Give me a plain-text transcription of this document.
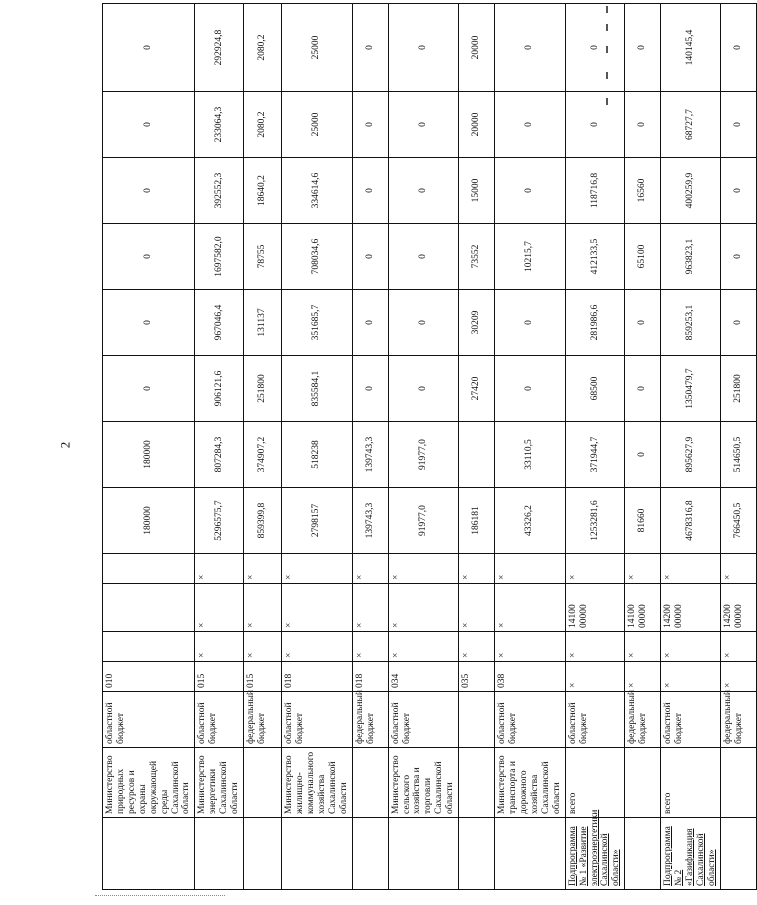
2
	Министерство природных ресурсов и охраны окружающей среды Сахалинской области	областной бюджет	010				180000	180000	0	0	0	0	0	0
	Министерство энергетики Сахалинской области	областной бюджет	015	×	×	×	5296575,7	807284,3	906121,6	967046,4	1697582,0	392552,3	233064,3	292924,8
		федеральный бюджет	015	×	×	×	859399,8	374907,2	251800	131137	78755	18640,2	2080,2	2080,2
	Министерство жилищно-коммунального хозяйства Сахалинской области	областной бюджет	018	×	×	×	2798157	518238	835584,1	351685,7	708034,6	334614,6	25000	25000
		федеральный бюджет	018	×	×	×	139743,3	139743,3	0	0	0	0	0	0
	Министерство сельского хозяйства и торговли Сахалинской области	областной бюджет	034	×	×	×	91977,0	91977,0	0	0	0	0	0	0
			035	×	×	×	186181		27420	30209	73552	15000	20000	20000
	Министерство транспорта и дорожного хозяйства Сахалинской области	областной бюджет	038	×	×	×	43326,2	33110,5	0	0	10215,7	0	0	0
Подпрограмма № 1 «Развитие электроэнергетики Сахалинской области»	всего	областной бюджет	×	×	14100 00000	×	1253281,6	371944,7	68500	281986,6	412133,5	118716,8	0	0
		федеральный бюджет	×	×	14100 00000	×	81660	0	0	0	65100	16560	0	0
Подпрограмма № 2 «Газификация Сахалинской области»	всего	областной бюджет	×	×	14200 00000	×	4678316,8	895627,9	1350479,7	859253,1	963823,1	400259,9	68727,7	140145,4
		федеральный бюджет	×	×	14200 00000	×	766450,5	514650,5	251800	0	0	0	0	0
